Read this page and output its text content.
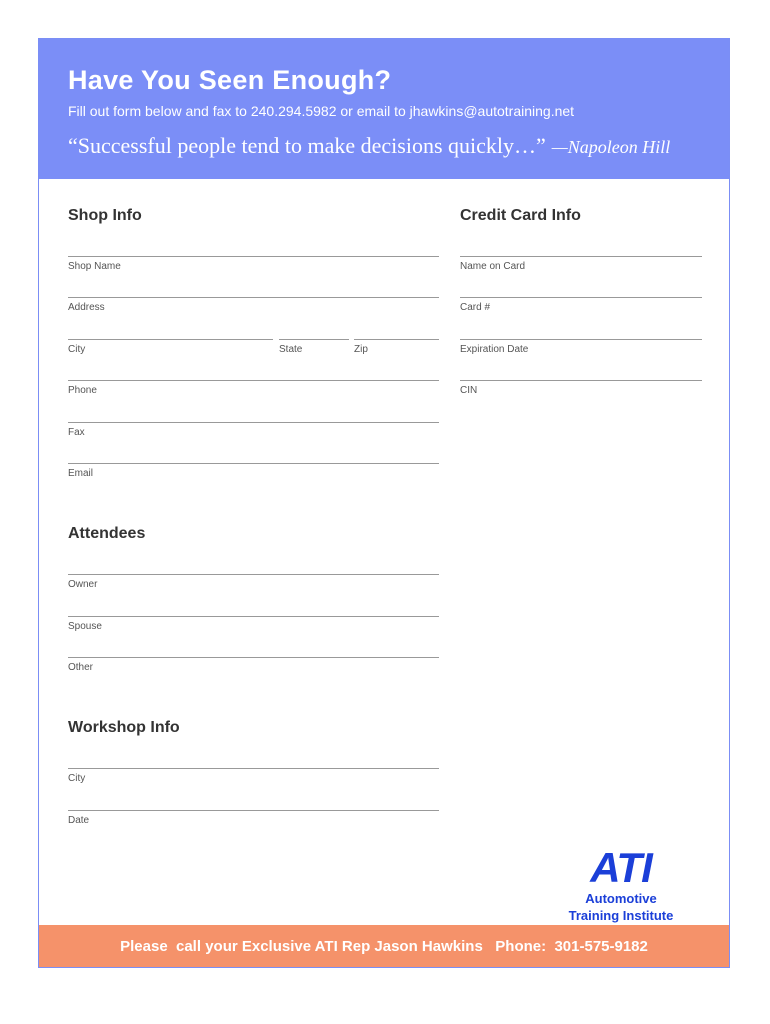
Have You Seen Enough?
Fill out form below and fax to 240.294.5982 or email to jhawkins@autotraining.net
“Successful people tend to make decisions quickly…” —Napoleon Hill
Shop Info
Shop Name
Address
City	State	Zip
Phone
Fax
Email
Credit Card Info
Name on Card
Card #
Expiration Date
CIN
Attendees
Owner
Spouse
Other
Workshop Info
City
Date
ATI
Automotive
Training Institute
Please  call your Exclusive ATI Rep Jason Hawkins   Phone:  301-575-9182
